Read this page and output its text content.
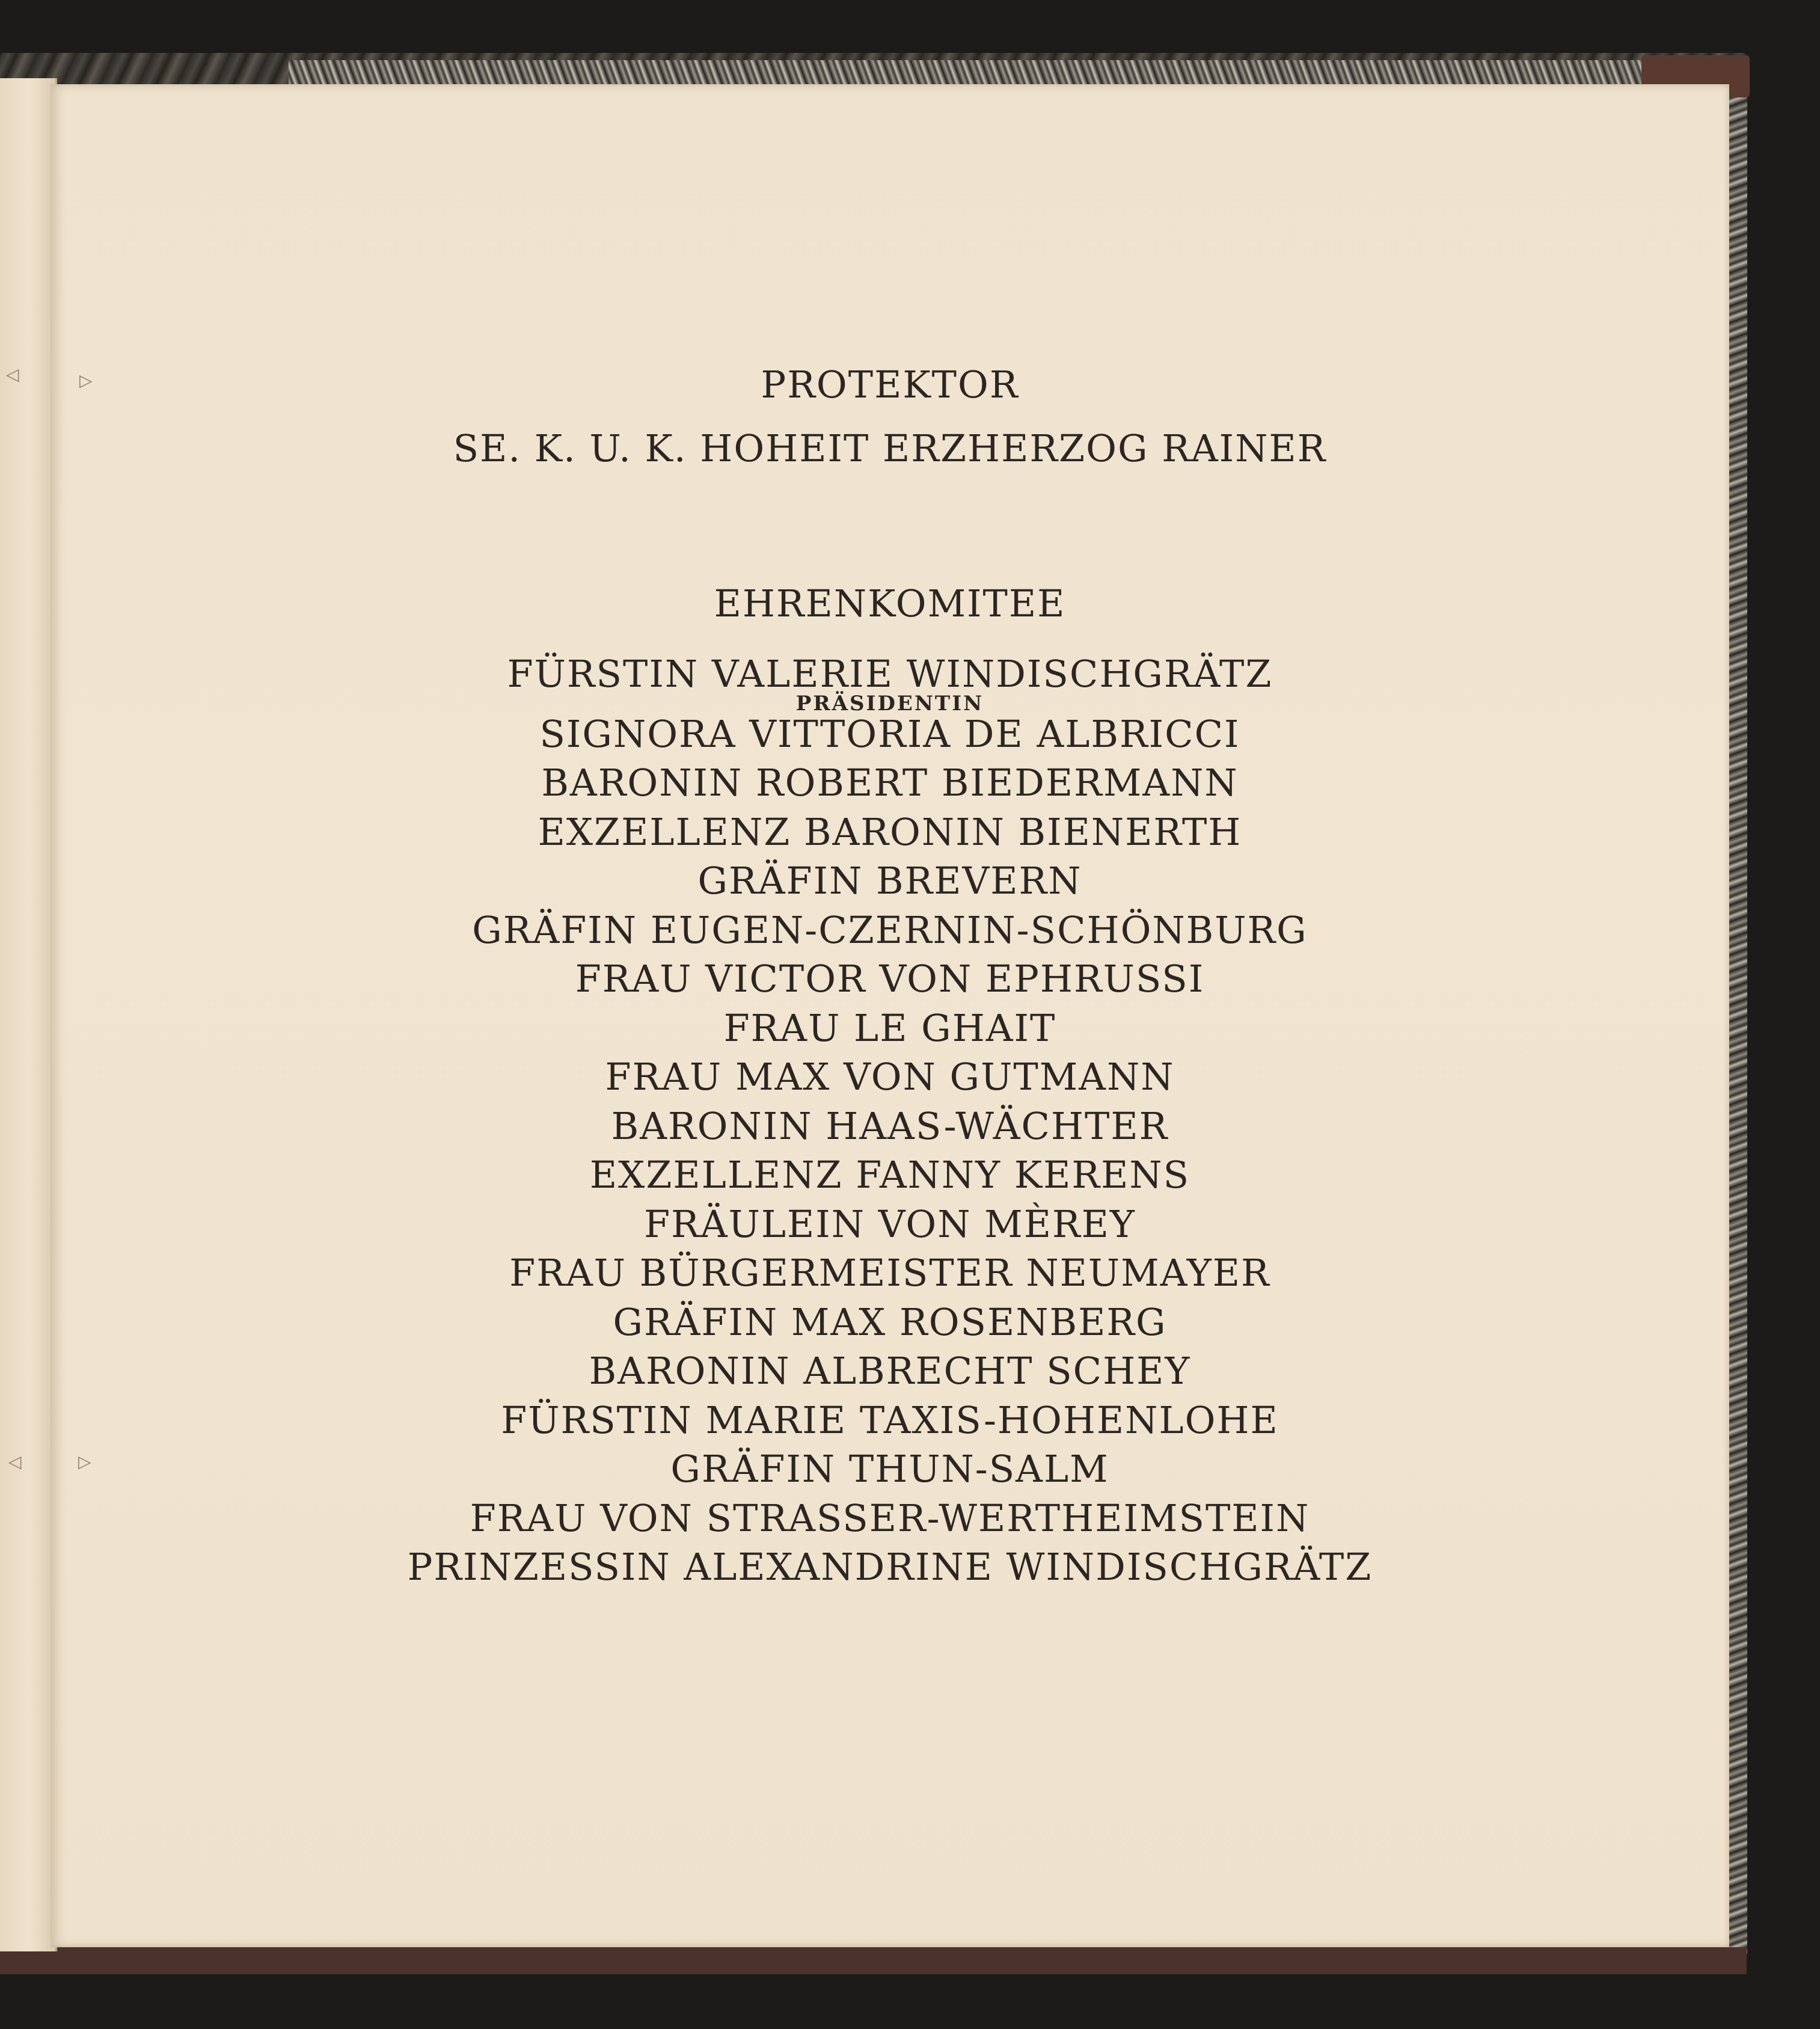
◁	▷
▷
◁

PROTEKTOR

SE. K. U. K. HOHEIT ERZHERZOG RAINER

EHRENKOMITEE

FÜRSTIN VALERIE WINDISCHGRÄTZ
PRÄSIDENTIN
SIGNORA VITTORIA DE ALBRICCI
BARONIN ROBERT BIEDERMANN
EXZELLENZ BARONIN BIENERTH
GRÄFIN BREVERN
GRÄFIN EUGEN-CZERNIN-SCHÖNBURG
FRAU VICTOR VON EPHRUSSI
FRAU LE GHAIT
FRAU MAX VON GUTMANN
BARONIN HAAS-WÄCHTER
EXZELLENZ FANNY KERENS
FRÄULEIN VON MÈREY
FRAU BÜRGERMEISTER NEUMAYER
GRÄFIN MAX ROSENBERG
BARONIN ALBRECHT SCHEY
FÜRSTIN MARIE TAXIS-HOHENLOHE
GRÄFIN THUN-SALM
FRAU VON STRASSER-WERTHEIMSTEIN
PRINZESSIN ALEXANDRINE WINDISCHGRÄTZ
